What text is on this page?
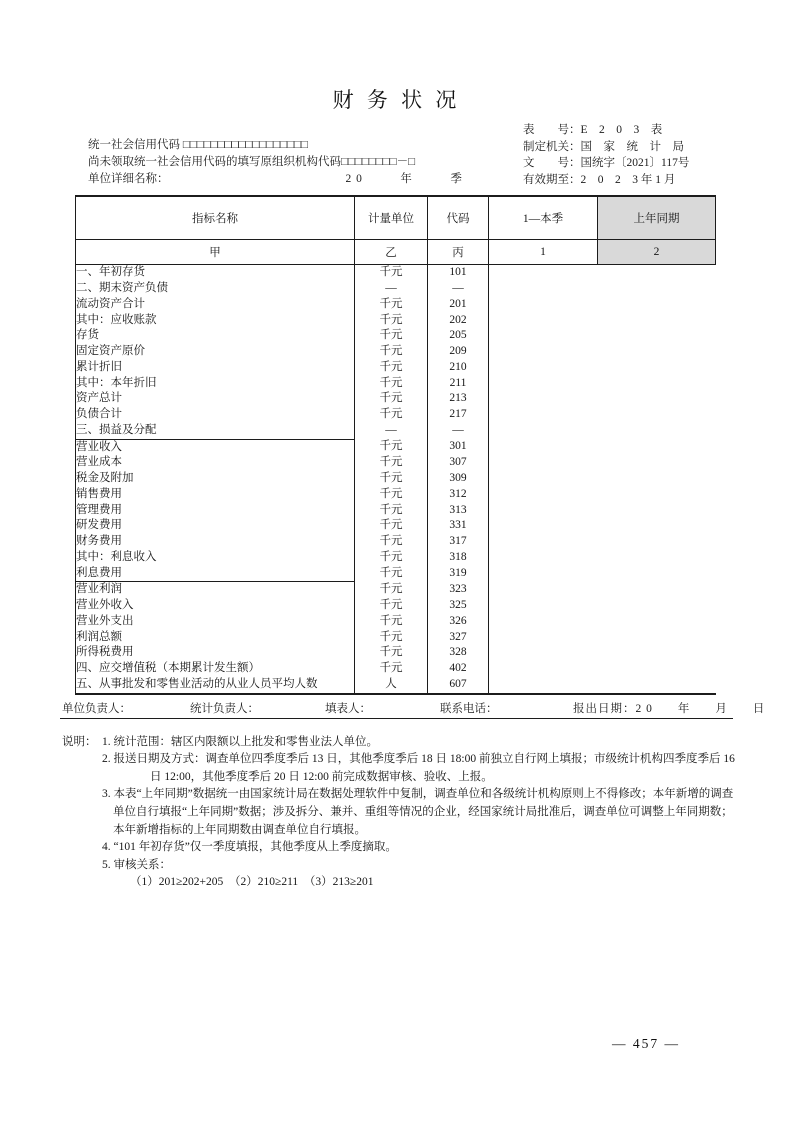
财 务 状 况
统一社会信用代码 □□□□□□□□□□□□□□□□□□
尚未领取统一社会信用代码的填写原组织机构代码□□□□□□□□－□
单位详细名称：	2 0　　　年　　　季
表　　号：E　2　0　3　表
制定机关：国　家　统　计　局
文　　号：国统字〔2021〕117号
有效期至：2　0　2　3 年 1 月
指标名称	计量单位	代码	1—本季	上年同期
甲	乙	丙	1	2
一、年初存货	千元	101		
二、期末资产负债	—	—		
流动资产合计	千元	201		
其中：应收账款	千元	202		
存货	千元	205		
固定资产原价	千元	209		
累计折旧	千元	210		
其中：本年折旧	千元	211		
资产总计	千元	213		
负债合计	千元	217		
三、损益及分配	—	—		
营业收入	千元	301		
营业成本	千元	307		
税金及附加	千元	309		
销售费用	千元	312		
管理费用	千元	313		
研发费用	千元	331		
财务费用	千元	317		
其中：利息收入	千元	318		
利息费用	千元	319		
营业利润	千元	323		
营业外收入	千元	325		
营业外支出	千元	326		
利润总额	千元	327		
所得税费用	千元	328		
四、应交增值税（本期累计发生额）	千元	402		
五、从事批发和零售业活动的从业人员平均人数	人	607		
单位负责人：	统计负责人：	填表人：	联系电话：	报出日期：2 0　　年　　月　　日
说明： 1. 统计范围：辖区内限额以上批发和零售业法人单位。

2. 报送日期及方式：调查单位四季度季后 13 日，其他季度季后 18 日 18:00 前独立自行网上填报；市级统计机构四季度季后 16 日 12:00，其他季度季后 20 日 12:00 前完成数据审核、验收、上报。

3. 本表“上年同期”数据统一由国家统计局在数据处理软件中复制，调查单位和各级统计机构原则上不得修改；本年新增的调查单位自行填报“上年同期”数据；涉及拆分、兼并、重组等情况的企业，经国家统计局批准后，调查单位可调整上年同期数；本年新增指标的上年同期数由调查单位自行填报。

4. “101 年初存货”仅一季度填报，其他季度从上季度摘取。

5. 审核关系：

（1）201≥202+205　（2）210≥211　（3）213≥201

— 457 —
